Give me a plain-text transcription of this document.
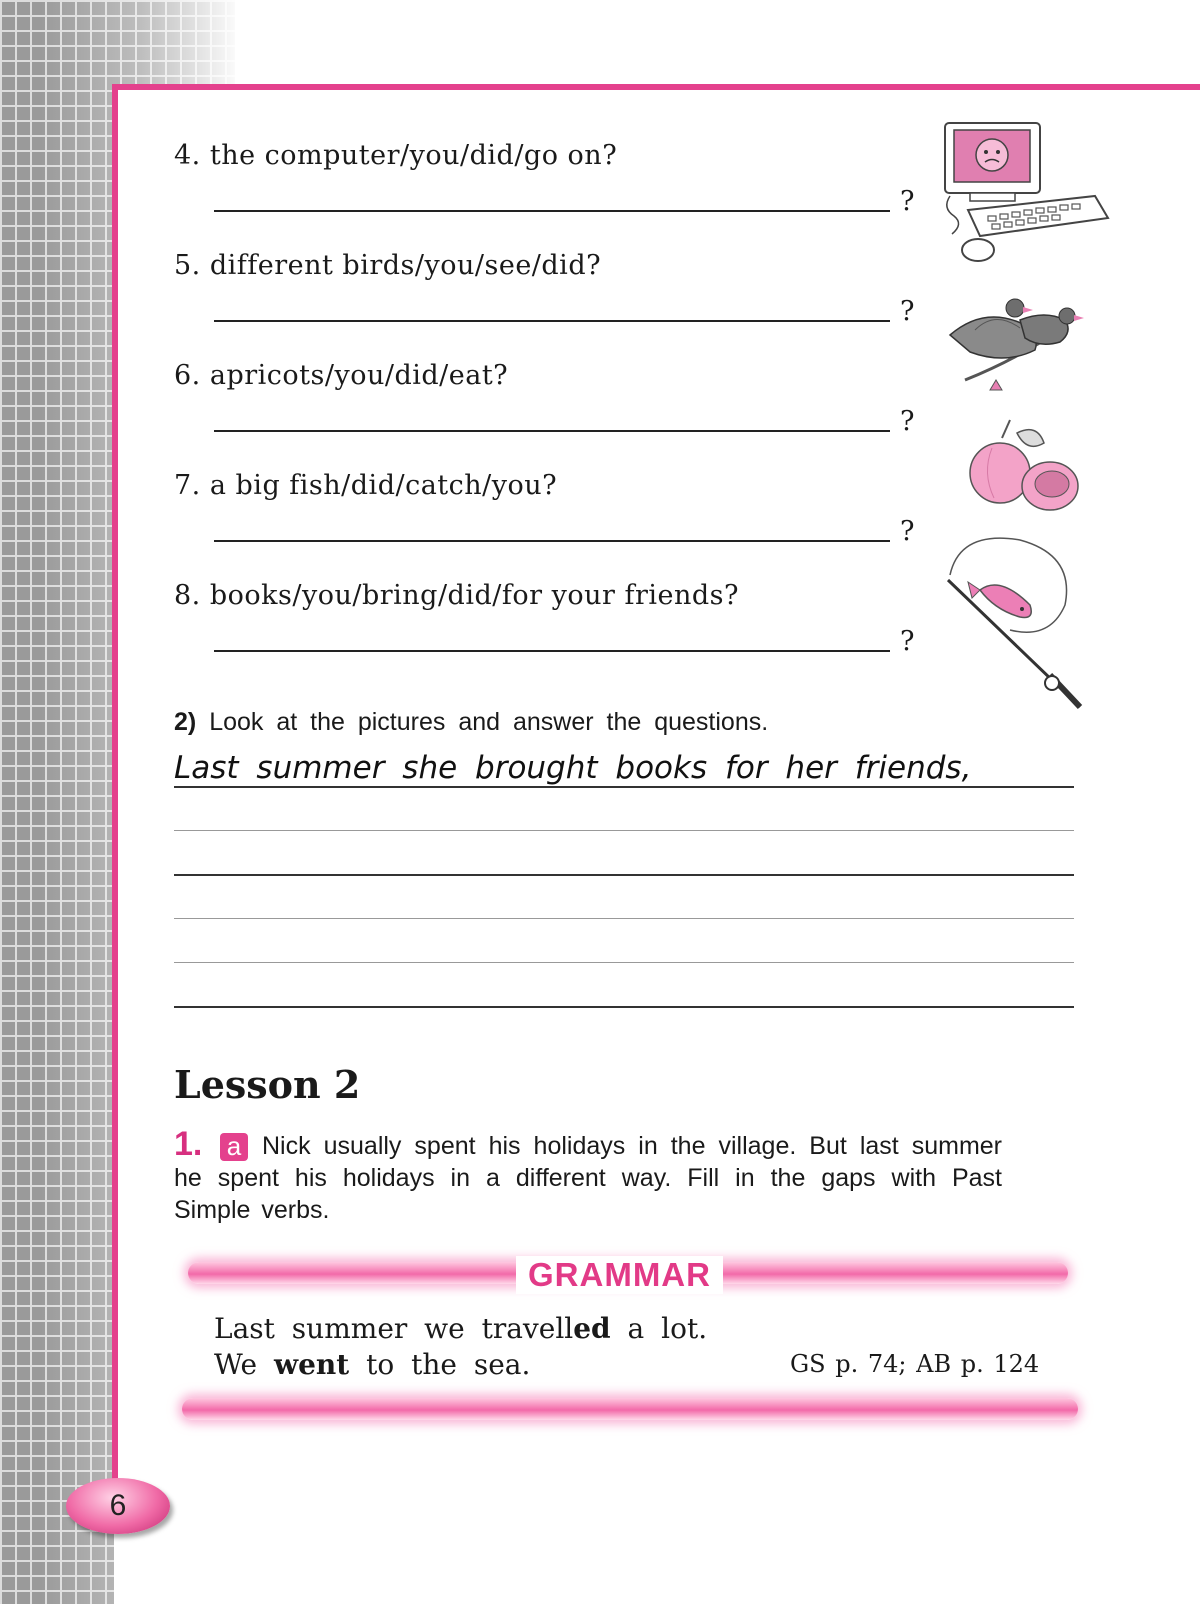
4. the computer/you/did/go on?
?
5. different birds/you/see/did?
?
6. apricots/you/did/eat?
?
7. a big fish/did/catch/you?
?
8. books/you/bring/did/for your friends?
?
2) Look at the pictures and answer the questions.
Last summer she brought books for her friends,
Lesson 2
1. a Nick usually spent his holidays in the village. But last summer he spent his holidays in a different way. Fill in the gaps with Past Simple verbs.
GRAMMAR
Last summer we travelled a lot.
We went to the sea.	GS p. 74; AB p. 124
6
